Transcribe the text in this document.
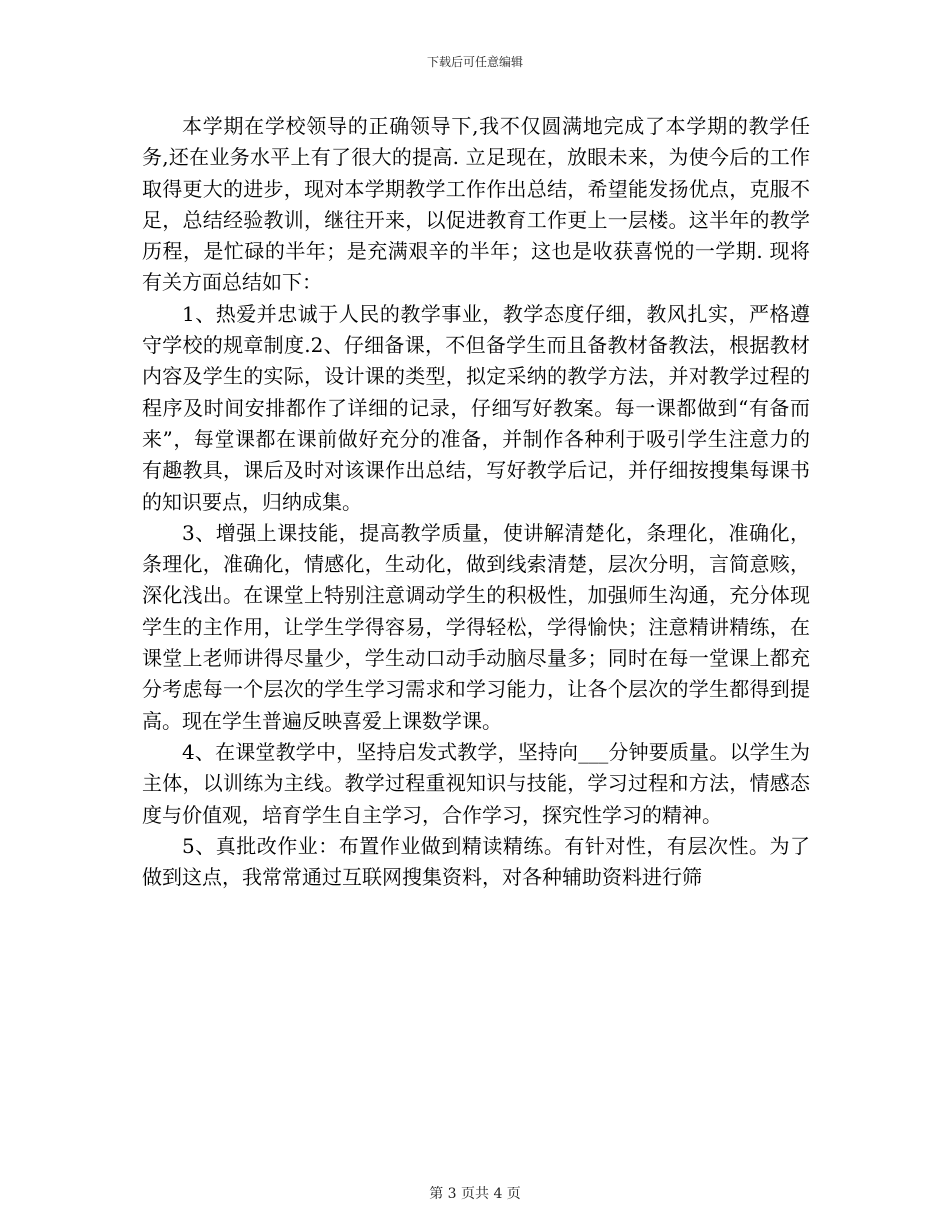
下载后可任意编辑

本学期在学校领导的正确领导下,我不仅圆满地完成了本学期的教学任务,还在业务水平上有了很大的提高. 立足现在，放眼未来，为使今后的工作取得更大的进步，现对本学期教学工作作出总结，希望能发扬优点，克服不足，总结经验教训，继往开来，以促进教育工作更上一层楼。这半年的教学历程，是忙碌的半年；是充满艰辛的半年；这也是收获喜悦的一学期. 现将有关方面总结如下：

1、热爱并忠诚于人民的教学事业，教学态度仔细，教风扎实，严格遵守学校的规章制度.2、仔细备课，不但备学生而且备教材备教法，根据教材内容及学生的实际，设计课的类型，拟定采纳的教学方法，并对教学过程的程序及时间安排都作了详细的记录，仔细写好教案。每一课都做到“有备而来”，每堂课都在课前做好充分的准备，并制作各种利于吸引学生注意力的有趣教具，课后及时对该课作出总结，写好教学后记，并仔细按搜集每课书的知识要点，归纳成集。

3、增强上课技能，提高教学质量，使讲解清楚化，条理化，准确化，条理化，准确化，情感化，生动化，做到线索清楚，层次分明，言简意赅，深化浅出。在课堂上特别注意调动学生的积极性，加强师生沟通，充分体现学生的主作用，让学生学得容易，学得轻松，学得愉快；注意精讲精练，在课堂上老师讲得尽量少，学生动口动手动脑尽量多；同时在每一堂课上都充分考虑每一个层次的学生学习需求和学习能力，让各个层次的学生都得到提高。现在学生普遍反映喜爱上课数学课。

4、在课堂教学中，坚持启发式教学，坚持向___分钟要质量。以学生为主体，以训练为主线。教学过程重视知识与技能，学习过程和方法，情感态度与价值观，培育学生自主学习，合作学习，探究性学习的精神。

5、真批改作业：布置作业做到精读精练。有针对性，有层次性。为了做到这点，我常常通过互联网搜集资料，对各种辅助资料进行筛

第 3 页共 4 页
